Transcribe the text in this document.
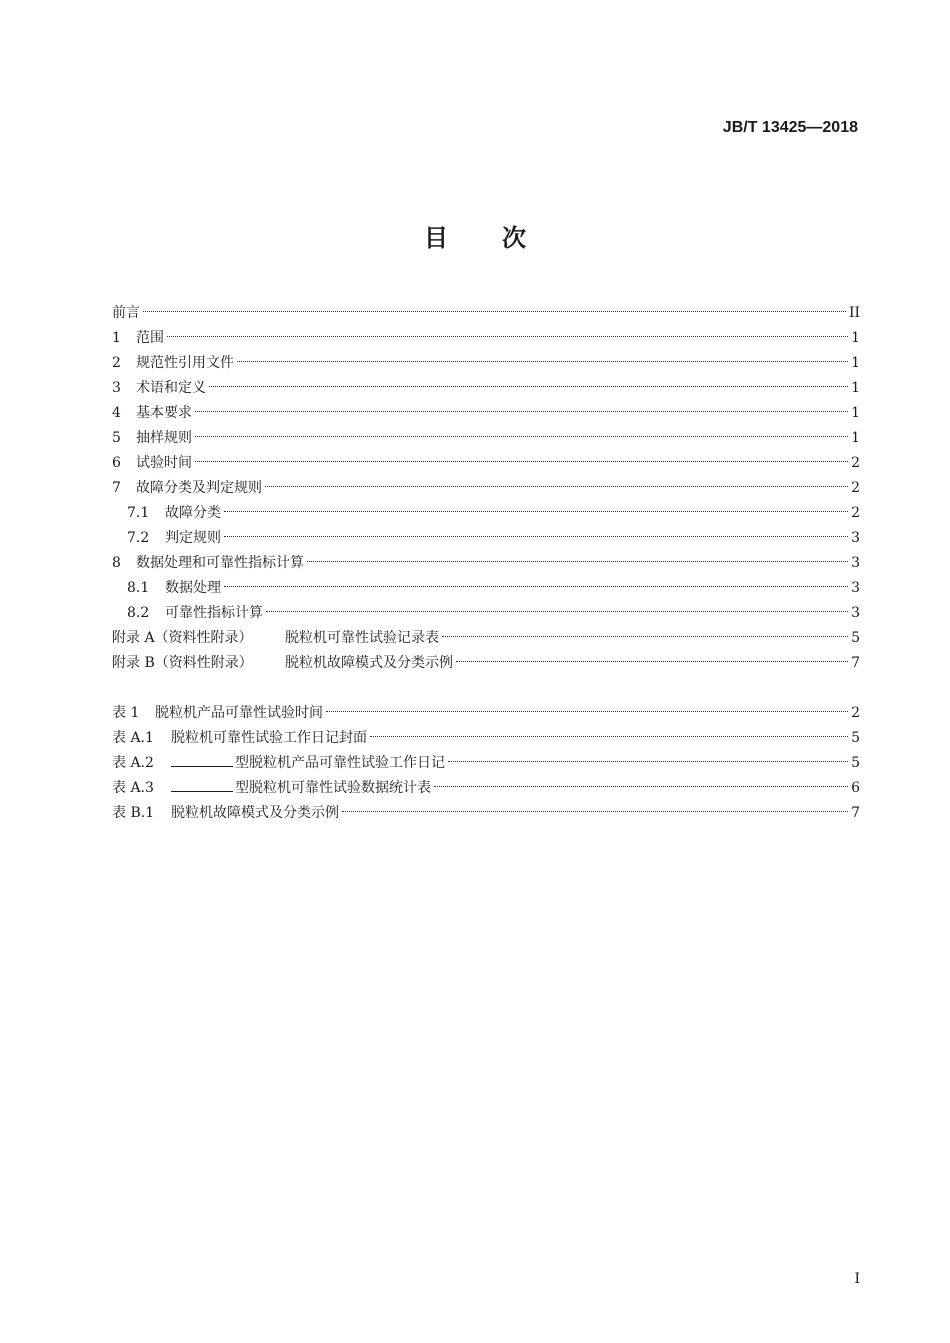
JB/T 13425—2018
目 次
前言	II
1	范围	1
2	规范性引用文件	1
3	术语和定义	1
4	基本要求	1
5	抽样规则	1
6	试验时间	2
7	故障分类及判定规则	2
7.1	故障分类	2
7.2	判定规则	3
8	数据处理和可靠性指标计算	3
8.1	数据处理	3
8.2	可靠性指标计算	3
附录 A（资料性附录）	脱粒机可靠性试验记录表	5
附录 B（资料性附录）	脱粒机故障模式及分类示例	7
表 1	脱粒机产品可靠性试验时间	2
表 A.1	脱粒机可靠性试验工作日记封面	5
表 A.2	型脱粒机产品可靠性试验工作日记	5
表 A.3	型脱粒机可靠性试验数据统计表	6
表 B.1	脱粒机故障模式及分类示例	7
I
